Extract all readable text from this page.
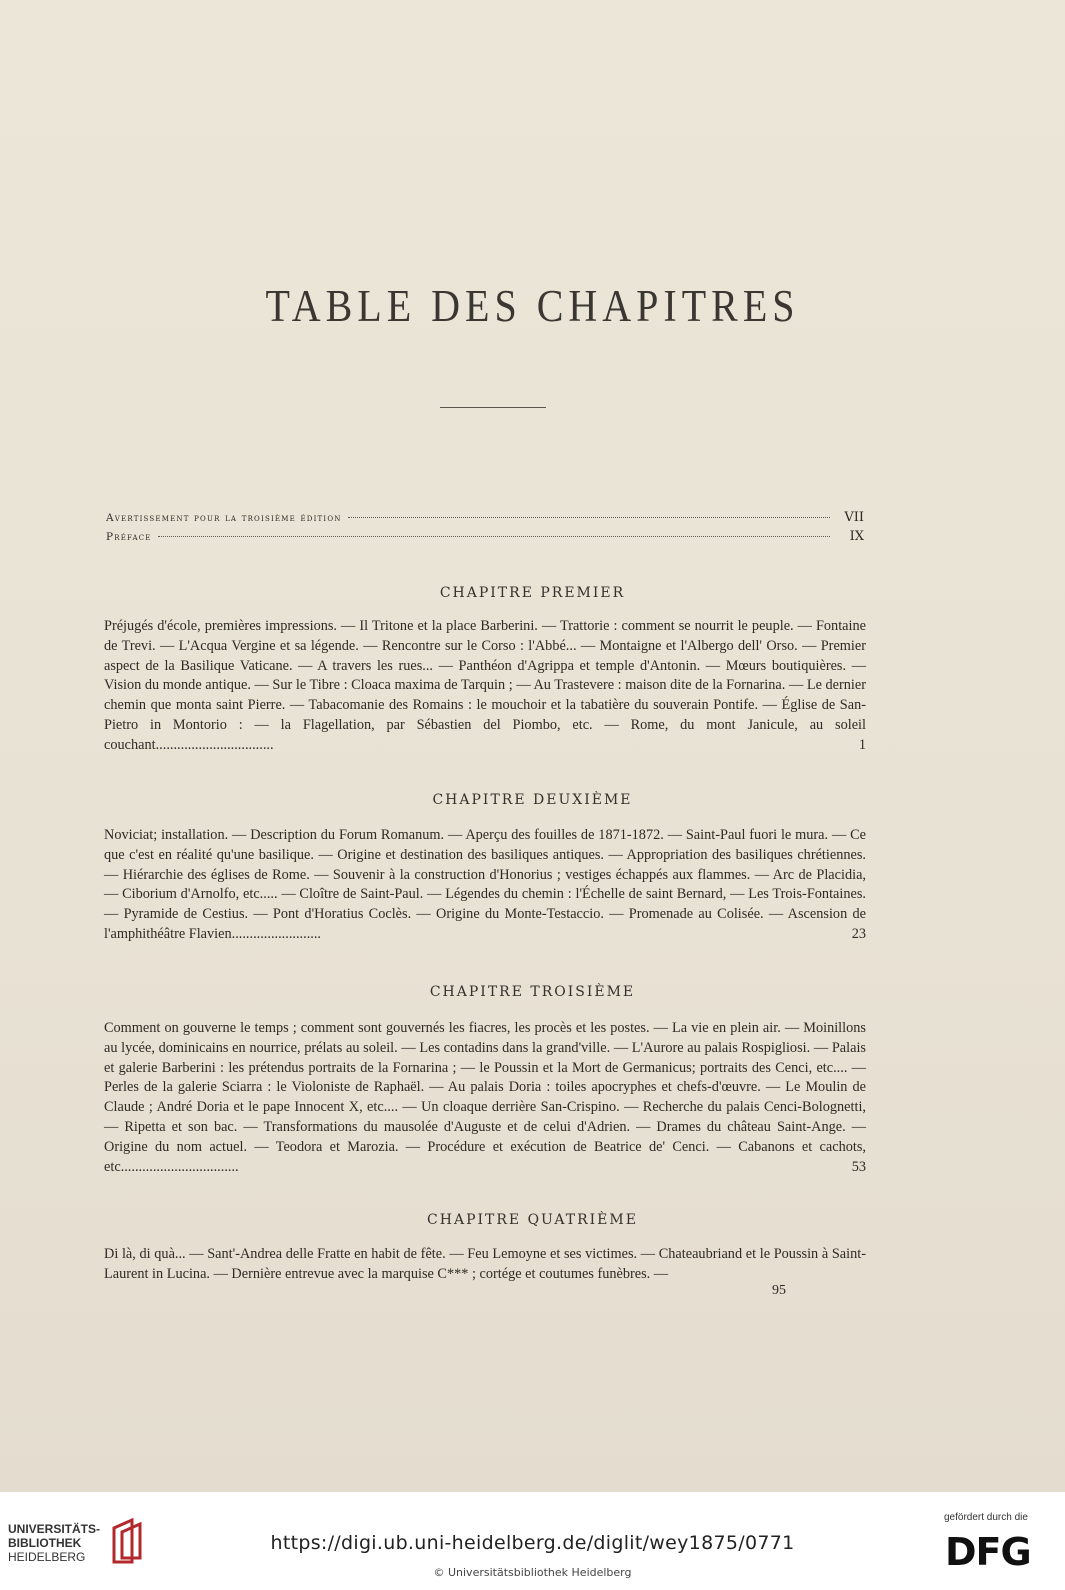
TABLE DES CHAPITRES
Avertissement pour la troisième édition	VII
Préface	IX
CHAPITRE PREMIER
Préjugés d'école, premières impressions. — Il Tritone et la place Barberini. — Trattorie : comment se nourrit le peuple. — Fontaine de Trevi. — L'Acqua Vergine et sa légende. — Rencontre sur le Corso : l'Abbé... — Montaigne et l'Albergo dell' Orso. — Premier aspect de la Basilique Vaticane. — A travers les rues... — Panthéon d'Agrippa et temple d'Antonin. — Mœurs boutiquières. — Vision du monde antique. — Sur le Tibre : Cloaca maxima de Tarquin ; — Au Trastevere : maison dite de la Fornarina. — Le dernier chemin que monta saint Pierre. — Tabacomanie des Romains : le mouchoir et la tabatière du souverain Pontife. — Église de San-Pietro in Montorio : — la Flagellation, par Sébastien del Piombo, etc. — Rome, du mont Janicule, au soleil couchant.................................	1
CHAPITRE DEUXIÈME
Noviciat; installation. — Description du Forum Romanum. — Aperçu des fouilles de 1871-1872. — Saint-Paul fuori le mura. — Ce que c'est en réalité qu'une basilique. — Origine et destination des basiliques antiques. — Appropriation des basiliques chrétiennes. — Hiérarchie des églises de Rome. — Souvenir à la construction d'Honorius ; vestiges échappés aux flammes. — Arc de Placidia, — Ciborium d'Arnolfo, etc..... — Cloître de Saint-Paul. — Légendes du chemin : l'Échelle de saint Bernard, — Les Trois-Fontaines. — Pyramide de Cestius. — Pont d'Horatius Coclès. — Origine du Monte-Testaccio. — Promenade au Colisée. — Ascension de l'amphithéâtre Flavien.........................	23
CHAPITRE TROISIÈME
Comment on gouverne le temps ; comment sont gouvernés les fiacres, les procès et les postes. — La vie en plein air. — Moinillons au lycée, dominicains en nourrice, prélats au soleil. — Les contadins dans la grand'ville. — L'Aurore au palais Rospigliosi. — Palais et galerie Barberini : les prétendus portraits de la Fornarina ; — le Poussin et la Mort de Germanicus; portraits des Cenci, etc.... — Perles de la galerie Sciarra : le Violoniste de Raphaël. — Au palais Doria : toiles apocryphes et chefs-d'œuvre. — Le Moulin de Claude ; André Doria et le pape Innocent X, etc.... — Un cloaque derrière San-Crispino. — Recherche du palais Cenci-Bolognetti, — Ripetta et son bac. — Transformations du mausolée d'Auguste et de celui d'Adrien. — Drames du château Saint-Ange. — Origine du nom actuel. — Teodora et Marozia. — Procédure et exécution de Beatrice de' Cenci. — Cabanons et cachots, etc.................................	53
CHAPITRE QUATRIÈME
Di là, di quà... — Sant'-Andrea delle Fratte en habit de fête. — Feu Lemoyne et ses victimes. — Chateaubriand et le Poussin à Saint-Laurent in Lucina. — Dernière entrevue avec la marquise C*** ; cortége et coutumes funèbres. —
95
UNIVERSITÄTS-
BIBLIOTHEK
HEIDELBERG
https://digi.ub.uni-heidelberg.de/diglit/wey1875/0771
© Universitätsbibliothek Heidelberg
gefördert durch die
DFG
